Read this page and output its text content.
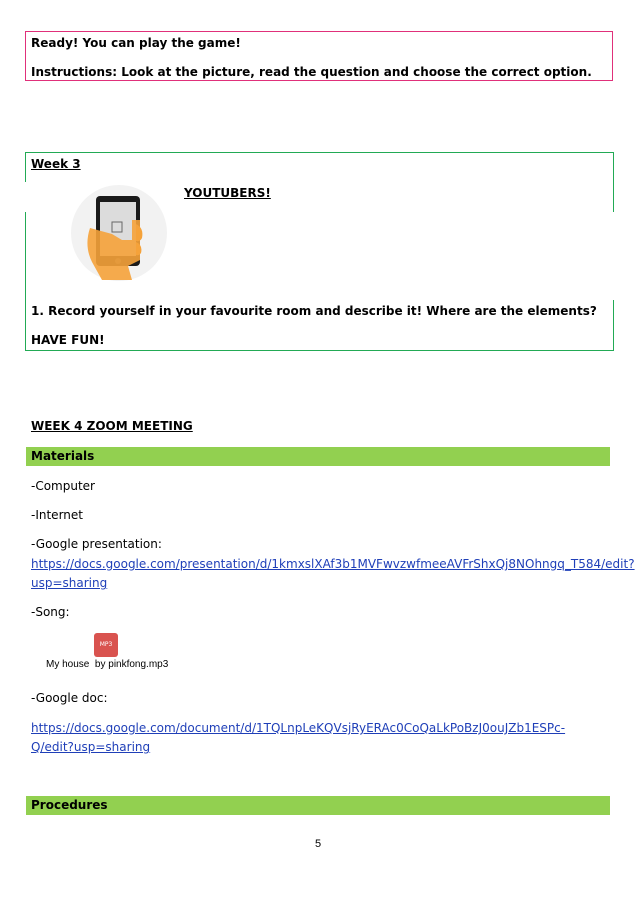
Ready! You can play the game!
Instructions: Look at the picture, read the question and choose the correct option.
Week 3
YOUTUBERS!
1. Record yourself in your favourite room and describe it! Where are the elements?
HAVE FUN!
WEEK 4 ZOOM MEETING
Materials
-Computer
-Internet
-Google presentation:
https://docs.google.com/presentation/d/1kmxslXAf3b1MVFwvzwfmeeAVFrShxQj8NOhngq_T584/edit?
usp=sharing
-Song:
MP3
My house  by pinkfong.mp3
-Google doc:
https://docs.google.com/document/d/1TQLnpLeKQVsjRyERAc0CoQaLkPoBzJ0ouJZb1ESPc-
Q/edit?usp=sharing
Procedures
5
